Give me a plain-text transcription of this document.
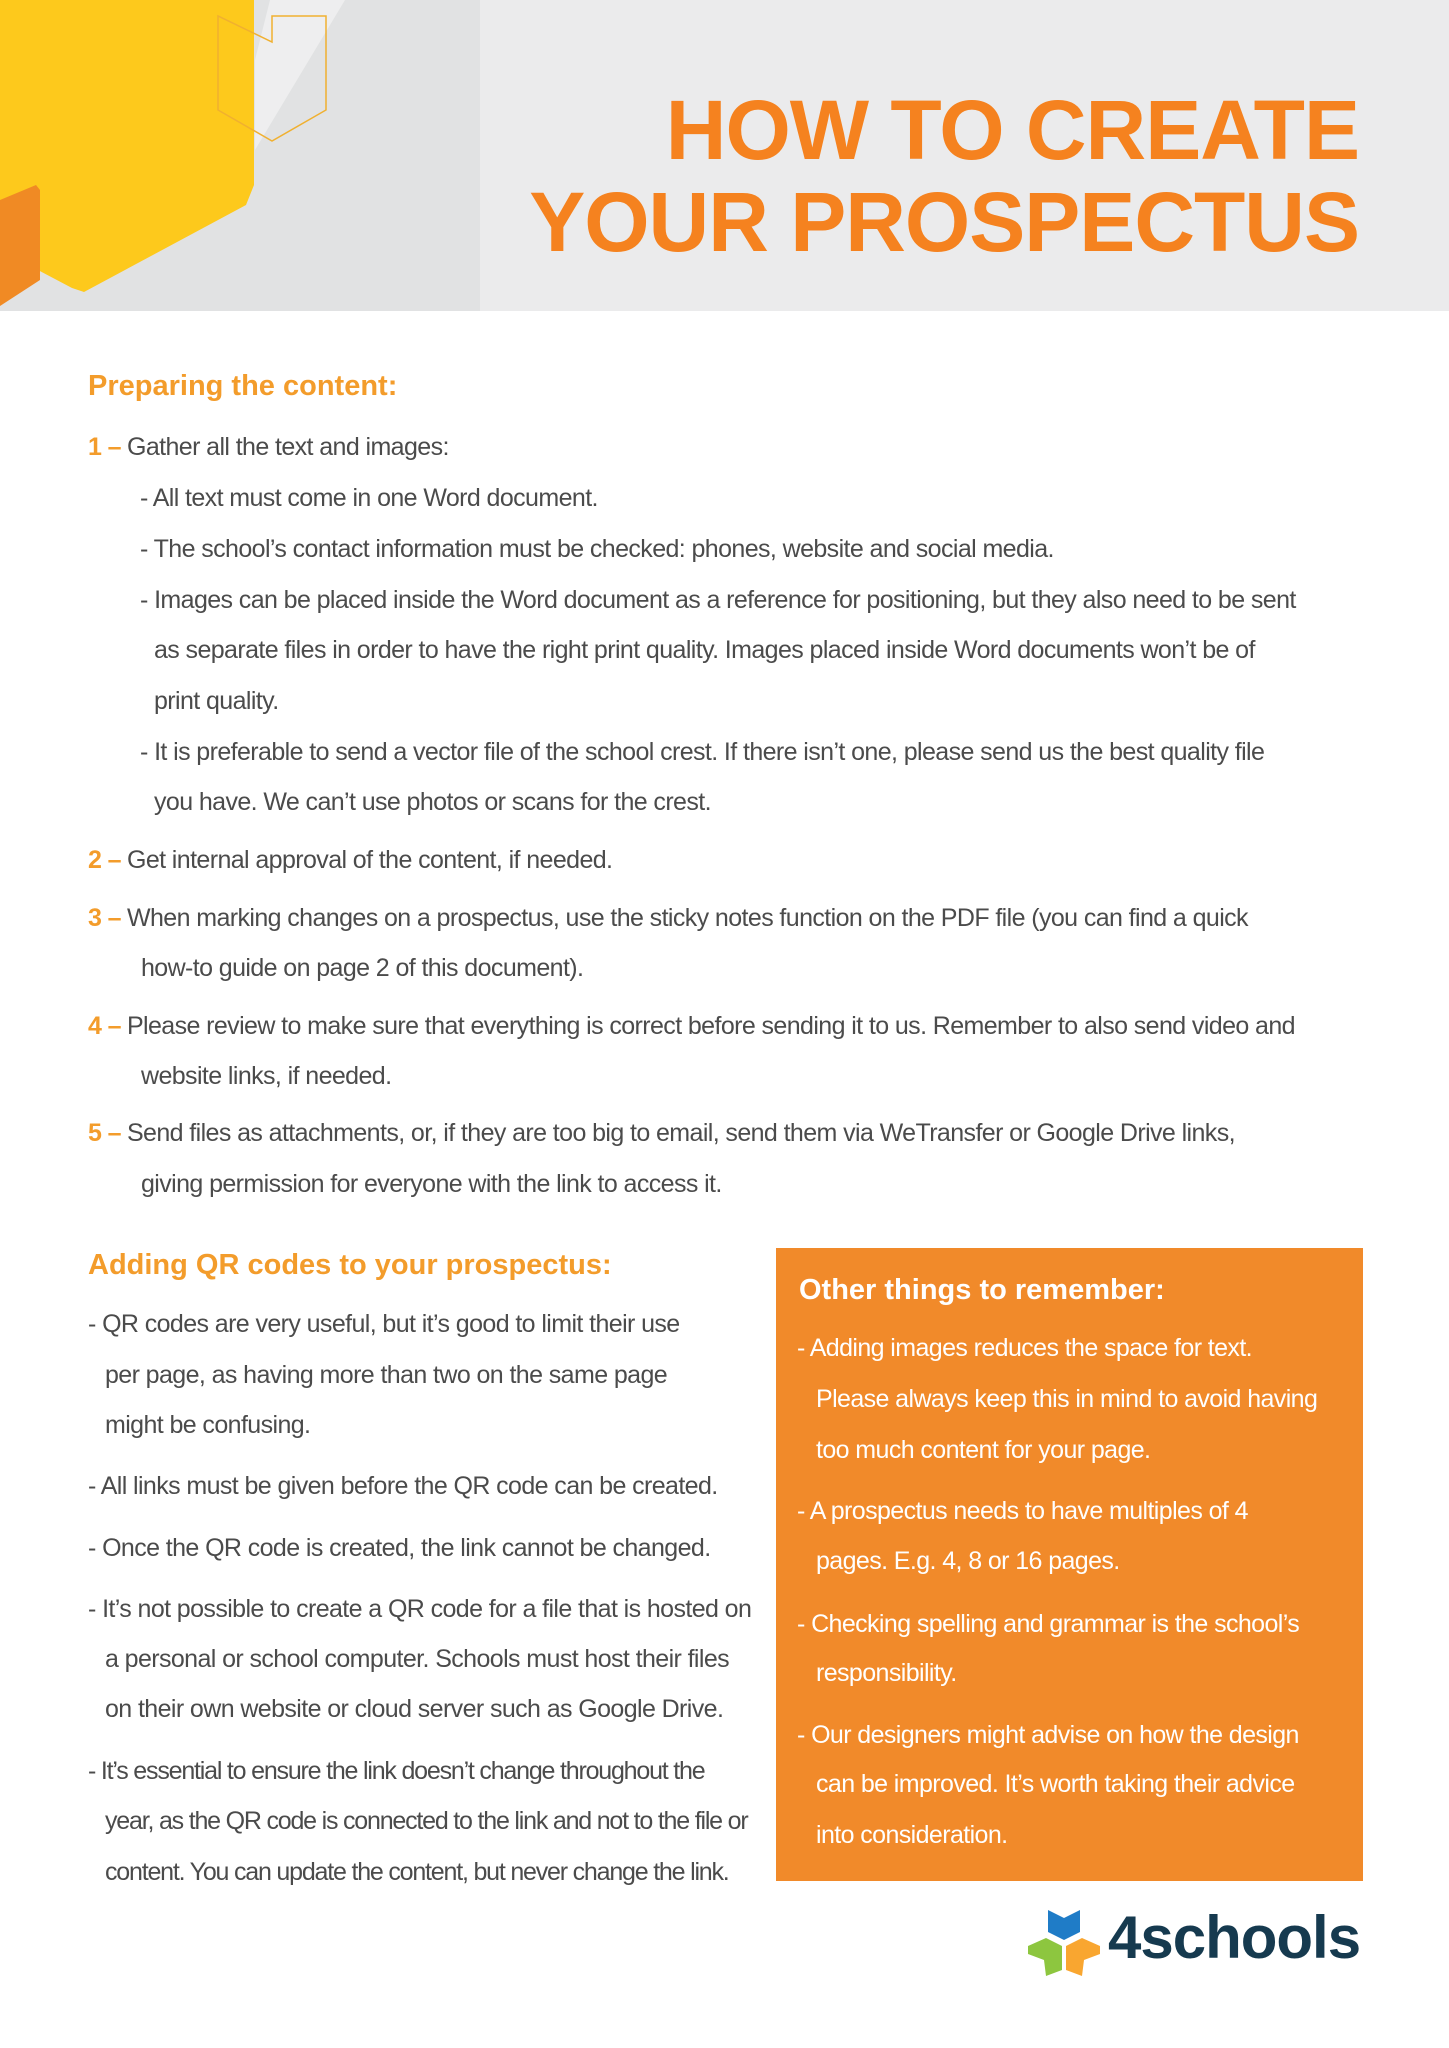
HOW TO CREATE
YOUR PROSPECTUS
Preparing the content:
1 – Gather all the text and images:
- All text must come in one Word document.
- The school’s contact information must be checked: phones, website and social media.
- Images can be placed inside the Word document as a reference for positioning, but they also need to be sent
as separate files in order to have the right print quality. Images placed inside Word documents won’t be of
print quality.
- It is preferable to send a vector file of the school crest. If there isn’t one, please send us the best quality file
you have. We can’t use photos or scans for the crest.
2 – Get internal approval of the content, if needed.
3 – When marking changes on a prospectus, use the sticky notes function on the PDF file (you can find a quick
how-to guide on page 2 of this document).
4 – Please review to make sure that everything is correct before sending it to us. Remember to also send video and
website links, if needed.
5 – Send files as attachments, or, if they are too big to email, send them via WeTransfer or Google Drive links,
giving permission for everyone with the link to access it.
Adding QR codes to your prospectus:
- QR codes are very useful, but it’s good to limit their use
per page, as having more than two on the same page
might be confusing.
- All links must be given before the QR code can be created.
- Once the QR code is created, the link cannot be changed.
- It’s not possible to create a QR code for a file that is hosted on
a personal or school computer. Schools must host their files
on their own website or cloud server such as Google Drive.
- It’s essential to ensure the link doesn’t change throughout the
year, as the QR code is connected to the link and not to the file or
content. You can update the content, but never change the link.
Other things to remember:
- Adding images reduces the space for text.
Please always keep this in mind to avoid having
too much content for your page.
- A prospectus needs to have multiples of 4
pages. E.g. 4, 8 or 16 pages.
- Checking spelling and grammar is the school’s
responsibility.
- Our designers might advise on how the design
can be improved. It’s worth taking their advice
into consideration.
4schools
